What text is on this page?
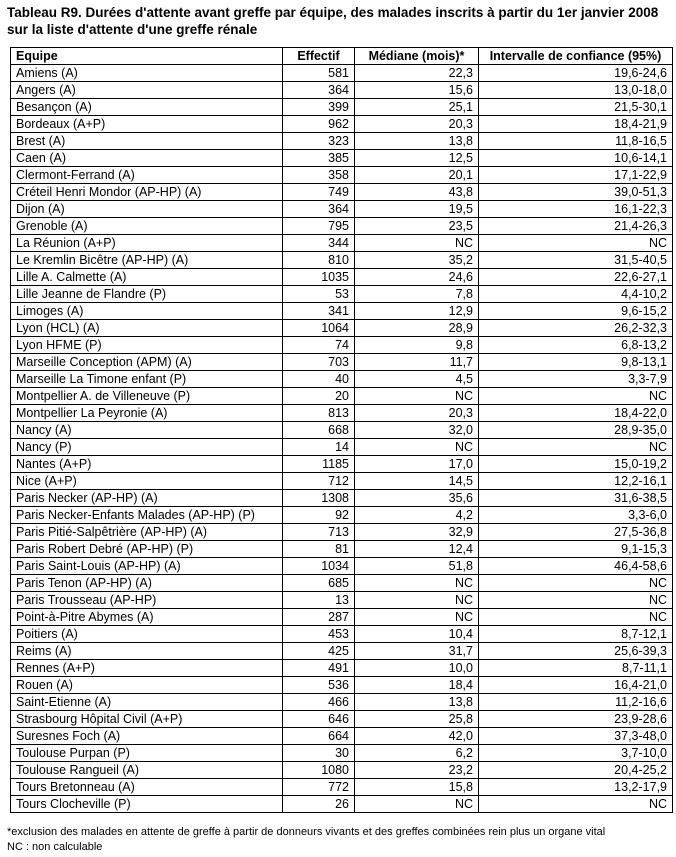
Tableau R9. Durées d'attente avant greffe par équipe, des malades inscrits à partir du 1er janvier 2008 sur la liste d'attente d'une greffe rénale
Equipe	Effectif	Médiane (mois)*	Intervalle de confiance (95%)
Amiens (A)	581	22,3	19,6-24,6
Angers (A)	364	15,6	13,0-18,0
Besançon (A)	399	25,1	21,5-30,1
Bordeaux (A+P)	962	20,3	18,4-21,9
Brest (A)	323	13,8	11,8-16,5
Caen (A)	385	12,5	10,6-14,1
Clermont-Ferrand (A)	358	20,1	17,1-22,9
Créteil Henri Mondor (AP-HP) (A)	749	43,8	39,0-51,3
Dijon (A)	364	19,5	16,1-22,3
Grenoble (A)	795	23,5	21,4-26,3
La Réunion (A+P)	344	NC	NC
Le Kremlin Bicêtre (AP-HP) (A)	810	35,2	31,5-40,5
Lille A. Calmette (A)	1035	24,6	22,6-27,1
Lille Jeanne de Flandre (P)	53	7,8	4,4-10,2
Limoges (A)	341	12,9	9,6-15,2
Lyon (HCL) (A)	1064	28,9	26,2-32,3
Lyon HFME (P)	74	9,8	6,8-13,2
Marseille Conception (APM) (A)	703	11,7	9,8-13,1
Marseille La Timone enfant (P)	40	4,5	3,3-7,9
Montpellier A. de Villeneuve (P)	20	NC	NC
Montpellier La Peyronie (A)	813	20,3	18,4-22,0
Nancy (A)	668	32,0	28,9-35,0
Nancy (P)	14	NC	NC
Nantes (A+P)	1185	17,0	15,0-19,2
Nice (A+P)	712	14,5	12,2-16,1
Paris Necker (AP-HP) (A)	1308	35,6	31,6-38,5
Paris Necker-Enfants Malades (AP-HP) (P)	92	4,2	3,3-6,0
Paris Pitié-Salpêtrière (AP-HP) (A)	713	32,9	27,5-36,8
Paris Robert Debré (AP-HP) (P)	81	12,4	9,1-15,3
Paris Saint-Louis (AP-HP) (A)	1034	51,8	46,4-58,6
Paris Tenon (AP-HP) (A)	685	NC	NC
Paris Trousseau (AP-HP)	13	NC	NC
Point-à-Pitre Abymes (A)	287	NC	NC
Poitiers (A)	453	10,4	8,7-12,1
Reims (A)	425	31,7	25,6-39,3
Rennes (A+P)	491	10,0	8,7-11,1
Rouen (A)	536	18,4	16,4-21,0
Saint-Etienne (A)	466	13,8	11,2-16,6
Strasbourg Hôpital Civil (A+P)	646	25,8	23,9-28,6
Suresnes Foch (A)	664	42,0	37,3-48,0
Toulouse Purpan (P)	30	6,2	3,7-10,0
Toulouse Rangueil (A)	1080	23,2	20,4-25,2
Tours Bretonneau (A)	772	15,8	13,2-17,9
Tours Clocheville (P)	26	NC	NC
*exclusion des malades en attente de greffe à partir de donneurs vivants et des greffes combinées rein plus un organe vital
NC : non calculable
